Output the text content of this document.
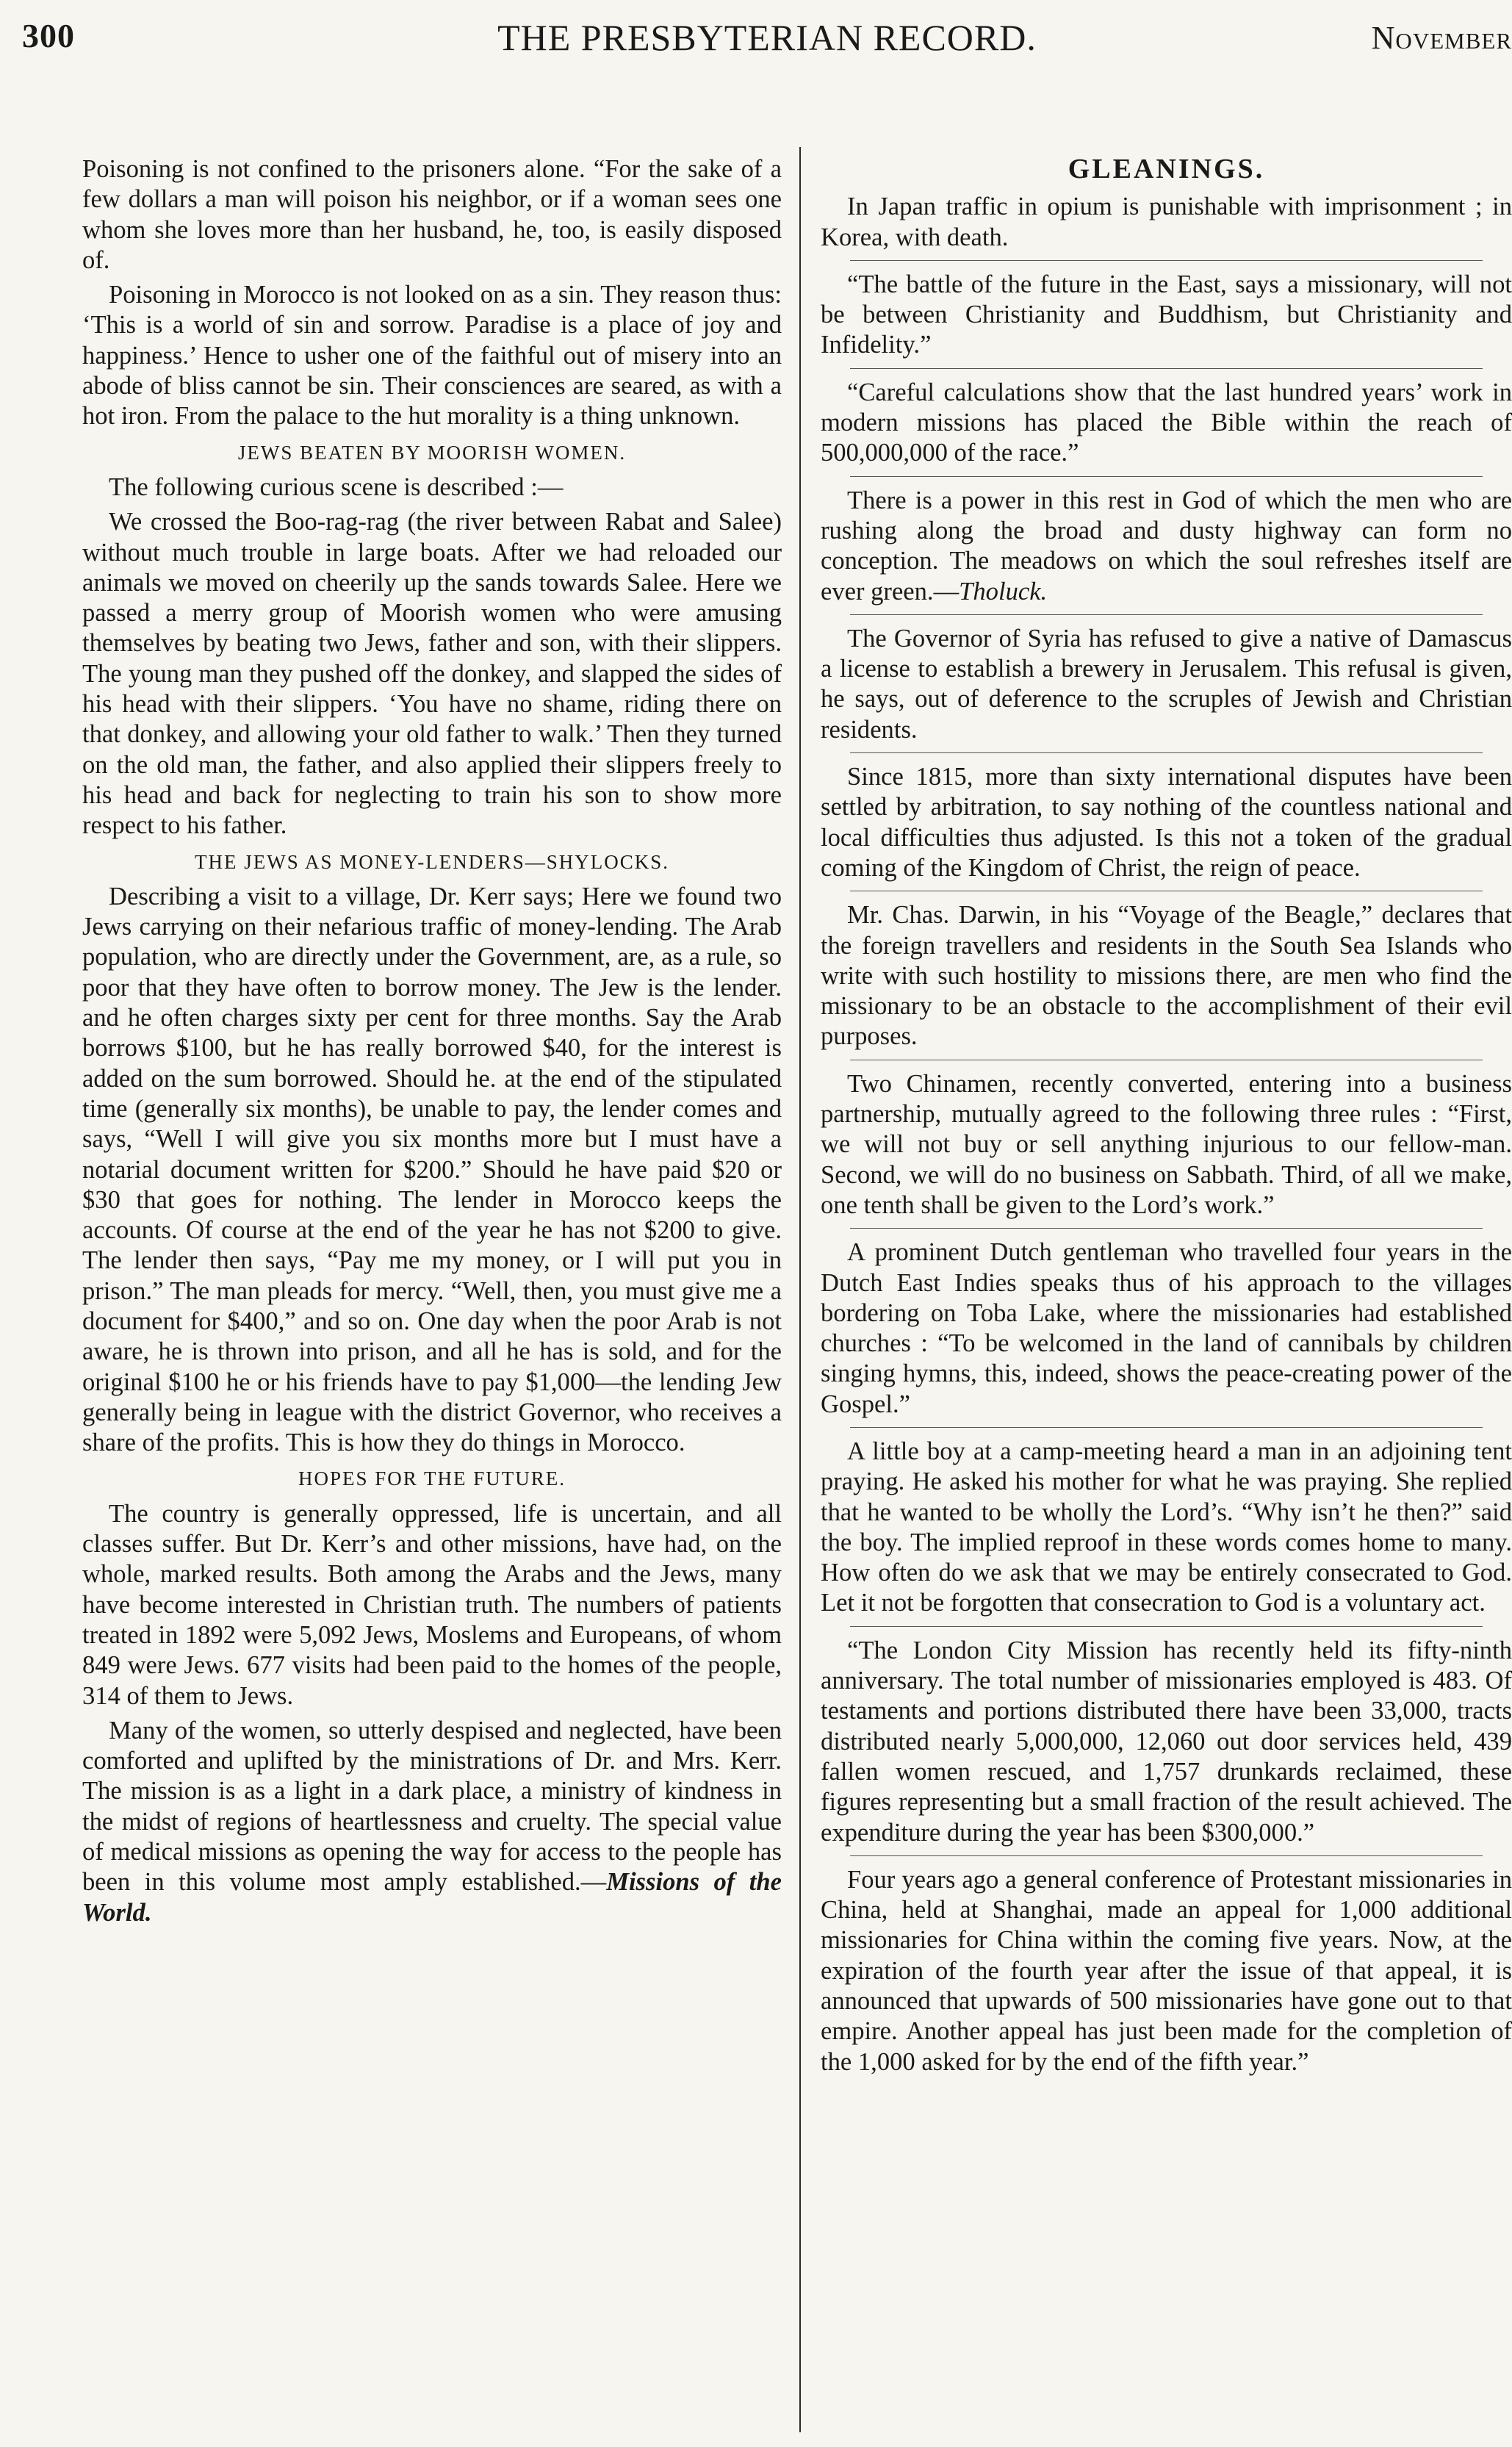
THE PRESBYTERIAN RECORD.
300	November

Poisoning is not confined to the prisoners alone. “For the sake of a few dollars a man will poison his neighbor, or if a woman sees one whom she loves more than her husband, he, too, is easily disposed of.

Poisoning in Morocco is not looked on as a sin. They reason thus: ‘This is a world of sin and sorrow. Paradise is a place of joy and happiness.’ Hence to usher one of the faithful out of misery into an abode of bliss cannot be sin. Their consciences are seared, as with a hot iron. From the palace to the hut morality is a thing unknown.

JEWS BEATEN BY MOORISH WOMEN.

The following curious scene is described :—

We crossed the Boo-rag-rag (the river between Rabat and Salee) without much trouble in large boats. After we had reloaded our animals we moved on cheerily up the sands towards Salee. Here we passed a merry group of Moorish women who were amusing themselves by beating two Jews, father and son, with their slippers. The young man they pushed off the donkey, and slapped the sides of his head with their slippers. ‘You have no shame, riding there on that donkey, and allowing your old father to walk.’ Then they turned on the old man, the father, and also applied their slippers freely to his head and back for neglecting to train his son to show more respect to his father.

THE JEWS AS MONEY-LENDERS—SHYLOCKS.

Describing a visit to a village, Dr. Kerr says; Here we found two Jews carrying on their nefarious traffic of money-lending. The Arab population, who are directly under the Government, are, as a rule, so poor that they have often to borrow money. The Jew is the lender. and he often charges sixty per cent for three months. Say the Arab borrows $100, but he has really borrowed $40, for the interest is added on the sum borrowed. Should he. at the end of the stipulated time (generally six months), be unable to pay, the lender comes and says, “Well I will give you six months more but I must have a notarial document written for $200.” Should he have paid $20 or $30 that goes for nothing. The lender in Morocco keeps the accounts. Of course at the end of the year he has not $200 to give. The lender then says, “Pay me my money, or I will put you in prison.” The man pleads for mercy. “Well, then, you must give me a document for $400,” and so on. One day when the poor Arab is not aware, he is thrown into prison, and all he has is sold, and for the original $100 he or his friends have to pay $1,000—the lending Jew generally being in league with the district Governor, who receives a share of the profits. This is how they do things in Morocco.

HOPES FOR THE FUTURE.

The country is generally oppressed, life is uncertain, and all classes suffer. But Dr. Kerr’s and other missions, have had, on the whole, marked results. Both among the Arabs and the Jews, many have become interested in Christian truth. The numbers of patients treated in 1892 were 5,092 Jews, Moslems and Europeans, of whom 849 were Jews. 677 visits had been paid to the homes of the people, 314 of them to Jews.

Many of the women, so utterly despised and neglected, have been comforted and uplifted by the ministrations of Dr. and Mrs. Kerr. The mission is as a light in a dark place, a ministry of kindness in the midst of regions of heartlessness and cruelty. The special value of medical missions as opening the way for access to the people has been in this volume most amply established.—Missions of the World.

GLEANINGS.

In Japan traffic in opium is punishable with imprisonment ; in Korea, with death.

“The battle of the future in the East, says a missionary, will not be between Christianity and Buddhism, but Christianity and Infidelity.”

“Careful calculations show that the last hundred years’ work in modern missions has placed the Bible within the reach of 500,000,000 of the race.”

There is a power in this rest in God of which the men who are rushing along the broad and dusty highway can form no conception. The meadows on which the soul refreshes itself are ever green.—Tholuck.

The Governor of Syria has refused to give a native of Damascus a license to establish a brewery in Jerusalem. This refusal is given, he says, out of deference to the scruples of Jewish and Christian residents.

Since 1815, more than sixty international disputes have been settled by arbitration, to say nothing of the countless national and local difficulties thus adjusted. Is this not a token of the gradual coming of the Kingdom of Christ, the reign of peace.

Mr. Chas. Darwin, in his “Voyage of the Beagle,” declares that the foreign travellers and residents in the South Sea Islands who write with such hostility to missions there, are men who find the missionary to be an obstacle to the accomplishment of their evil purposes.

Two Chinamen, recently converted, entering into a business partnership, mutually agreed to the following three rules : “First, we will not buy or sell anything injurious to our fellow-man. Second, we will do no business on Sabbath. Third, of all we make, one tenth shall be given to the Lord’s work.”

A prominent Dutch gentleman who travelled four years in the Dutch East Indies speaks thus of his approach to the villages bordering on Toba Lake, where the missionaries had established churches : “To be welcomed in the land of cannibals by children singing hymns, this, indeed, shows the peace-creating power of the Gospel.”

A little boy at a camp-meeting heard a man in an adjoining tent praying. He asked his mother for what he was praying. She replied that he wanted to be wholly the Lord’s. “Why isn’t he then?” said the boy. The implied reproof in these words comes home to many. How often do we ask that we may be entirely consecrated to God. Let it not be forgotten that consecration to God is a voluntary act.

“The London City Mission has recently held its fifty-ninth anniversary. The total number of missionaries employed is 483. Of testaments and portions distributed there have been 33,000, tracts distributed nearly 5,000,000, 12,060 out door services held, 439 fallen women rescued, and 1,757 drunkards reclaimed, these figures representing but a small fraction of the result achieved. The expenditure during the year has been $300,000.”

Four years ago a general conference of Protestant missionaries in China, held at Shanghai, made an appeal for 1,000 additional missionaries for China within the coming five years. Now, at the expiration of the fourth year after the issue of that appeal, it is announced that upwards of 500 missionaries have gone out to that empire. Another appeal has just been made for the completion of the 1,000 asked for by the end of the fifth year.”
